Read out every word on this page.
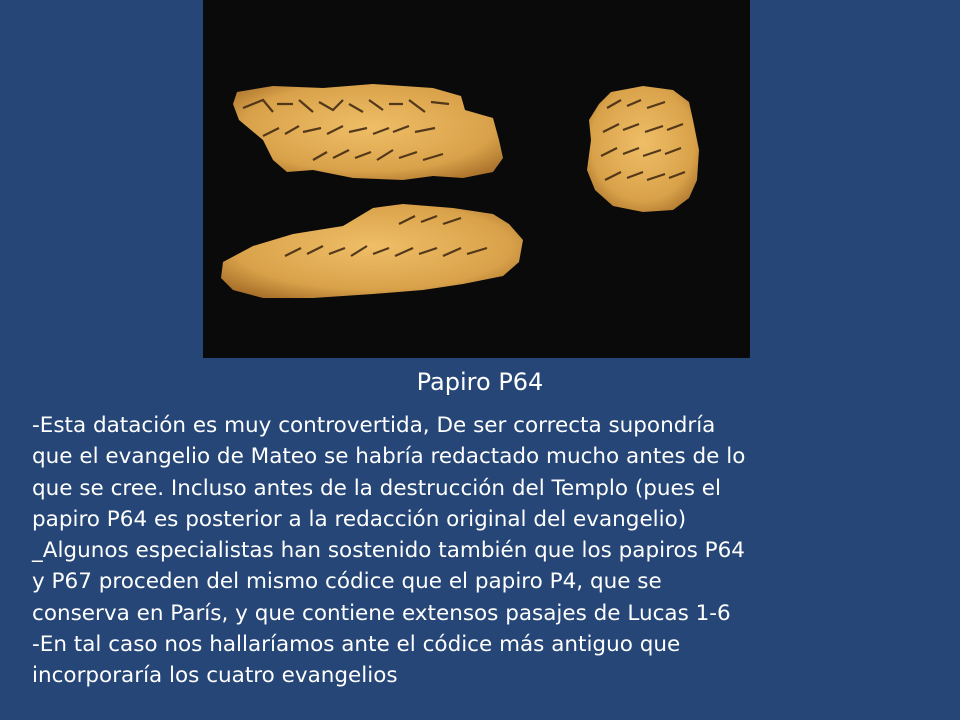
Papiro P64
-Esta datación es muy controvertida, De ser correcta supondría
que el evangelio de Mateo se habría redactado mucho antes de lo
que se cree. Incluso antes de la destrucción del Templo (pues el
papiro P64 es posterior a la redacción original del evangelio)
_Algunos especialistas han sostenido también que los papiros P64
y P67 proceden del mismo códice que el papiro P4, que se
conserva en París, y que contiene extensos pasajes de Lucas 1-6
-En tal caso nos hallaríamos ante el códice más antiguo que
incorporaría los cuatro evangelios
